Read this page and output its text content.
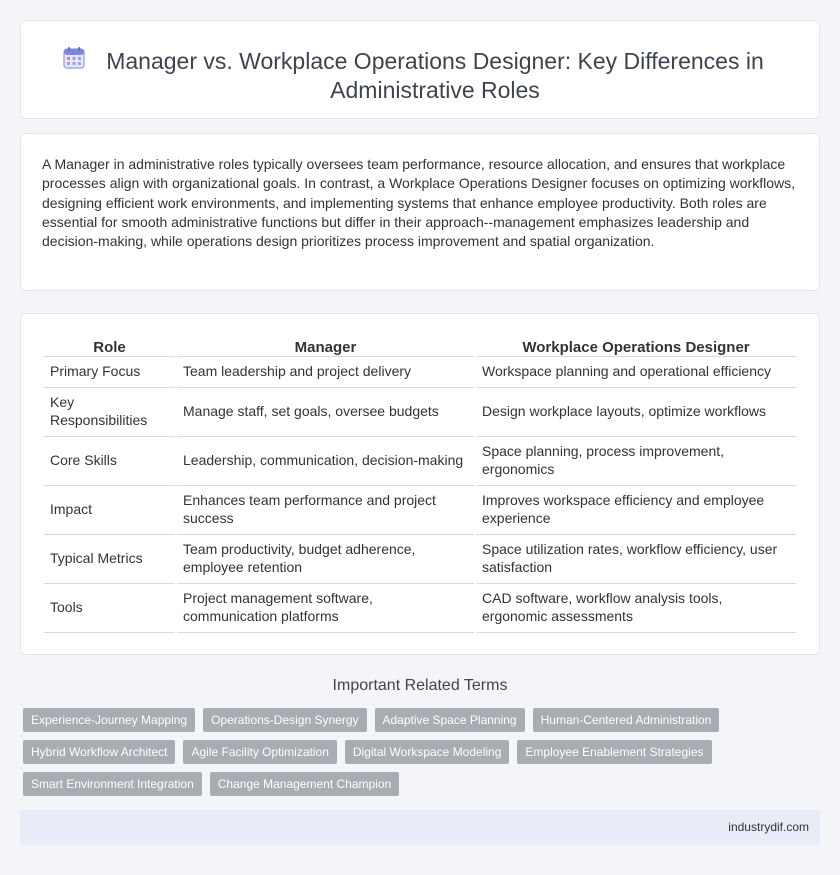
Manager vs. Workplace Operations Designer: Key Differences in Administrative Roles

A Manager in administrative roles typically oversees team performance, resource allocation, and ensures that workplace processes align with organizational goals. In contrast, a Workplace Operations Designer focuses on optimizing workflows, designing efficient work environments, and implementing systems that enhance employee productivity. Both roles are essential for smooth administrative functions but differ in their approach--management emphasizes leadership and decision-making, while operations design prioritizes process improvement and spatial organization.

Role	Manager	Workplace Operations Designer
Primary Focus	Team leadership and project delivery	Workspace planning and operational efficiency
Key Responsibilities	Manage staff, set goals, oversee budgets	Design workplace layouts, optimize workflows
Core Skills	Leadership, communication, decision-making	Space planning, process improvement, ergonomics
Impact	Enhances team performance and project success	Improves workspace efficiency and employee experience
Typical Metrics	Team productivity, budget adherence, employee retention	Space utilization rates, workflow efficiency, user satisfaction
Tools	Project management software, communication platforms	CAD software, workflow analysis tools, ergonomic assessments
Important Related Terms
Experience-Journey Mapping	Operations-Design Synergy	Adaptive Space Planning	Human-Centered Administration
Hybrid Workflow Architect	Agile Facility Optimization	Digital Workspace Modeling	Employee Enablement Strategies
Smart Environment Integration	Change Management Champion
industrydif.com
